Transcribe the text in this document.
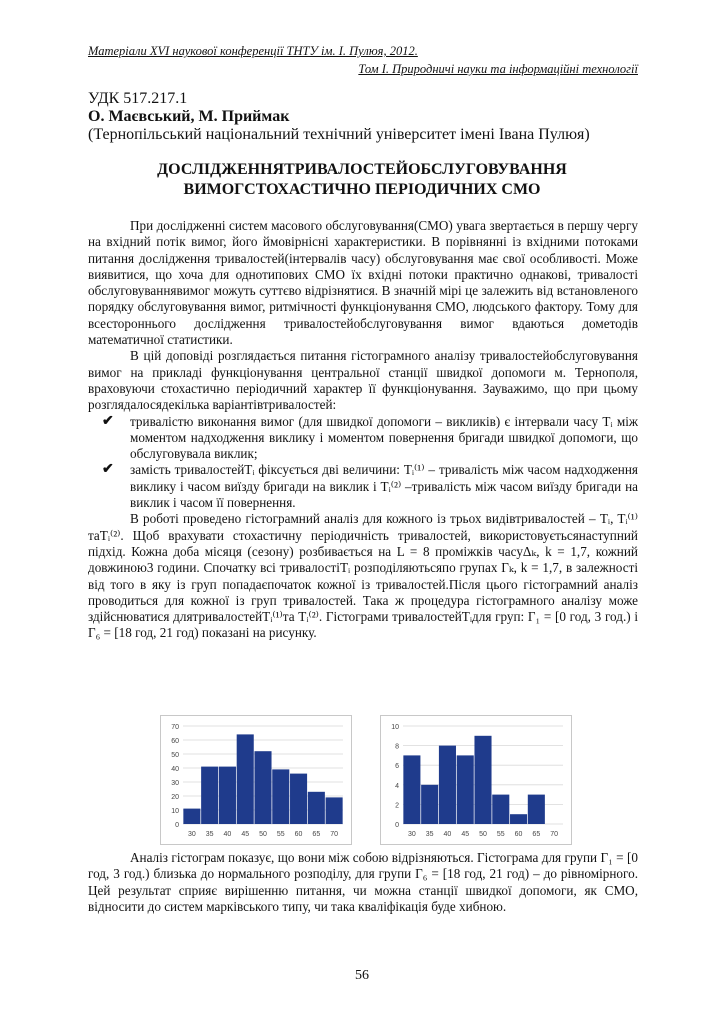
Матеріали XVI наукової конференції ТНТУ ім. І. Пулюя, 2012.
Том І. Природничі науки та інформаційні технології
УДК 517.217.1
О. Маєвський, М. Приймак
(Тернопільський національний технічний університет імені Івана Пулюя)
ДОСЛІДЖЕННЯТРИВАЛОСТЕЙОБСЛУГОВУВАННЯ
ВИМОГСТОХАСТИЧНО ПЕРІОДИЧНИХ СМО

При дослідженні систем масового обслуговування(СМО) увага звертається в першу чергу на вхідний потік вимог, його ймовірнісні характеристики. В порівнянні із вхідними потоками питання дослідження тривалостей(інтервалів часу) обслуговування має свої особливості. Може виявитися, що хоча для однотипових СМО їх вхідні потоки практично однакові, тривалості обслуговуваннявимог можуть суттєво відрізнятися. В значній мірі це залежить від встановленого порядку обслуговування вимог, ритмічності функціонування СМО, людського фактору. Тому для всестороннього дослідження тривалостейобслуговування вимог вдаються дометодів математичної статистики.

В цій доповіді розглядається питання гістограмного аналізу тривалостейобслуговування вимог на прикладі функціонування центральної станції швидкої допомоги м. Тернополя, враховуючи стохастично періодичний характер її функціонування. Зауважимо, що при цьому розглядалосядекілька варіантівтривалостей:

✔ тривалістю виконання вимог (для швидкої допомоги – викликів) є інтервали часу Tᵢ між моментом надходження виклику і моментом повернення бригади швидкої допомоги, що обслуговувала виклик;
✔ замість тривалостейTᵢ фіксується дві величини: Tᵢ⁽¹⁾ – тривалість між часом надходження виклику і часом виїзду бригади на виклик і Tᵢ⁽²⁾ –тривалість між часом виїзду бригади на виклик і часом її повернення.

В роботі проведено гістограмний аналіз для кожного із трьох видівтривалостей – Tᵢ, Tᵢ⁽¹⁾таTᵢ⁽²⁾. Щоб врахувати стохастичну періодичність тривалостей, використовуєтьсянаступний підхід. Кожна доба місяця (сезону) розбивається на L = 8 проміжків часуΔₖ, k = 1,7, кожний довжиною3 години. Спочатку всі тривалостіTᵢ розподіляютьсяпо групах Гₖ, k = 1,7, в залежності від того в яку із груп попадаєпочаток кожної із тривалостей.Після цього гістограмний аналіз проводиться для кожної із груп тривалостей. Така ж процедура гістограмного аналізу може здійснюватися длятривалостейTᵢ⁽¹⁾та Tᵢ⁽²⁾. Гістограми тривалостейTᵢдля груп: Г₁ = [0 год, 3 год.) і Г₆ = [18 год, 21 год) показані на рисунку.

0
10
20
30
40
50
60
70
30 35 40 45 50 55 60 65 70
0
2
4
6
8
10
30 35 40 45 50 55 60 65 70

Аналіз гістограм показує, що вони між собою відрізняються. Гістограма для групи Г₁ = [0 год, 3 год.) близька до нормального розподілу, для групи Г₆ = [18 год, 21 год) – до рівномірного. Цей результат сприяє вирішенню питання, чи можна станції швидкої допомоги, як СМО, відносити до систем марківського типу, чи така кваліфікація буде хибною.

56
